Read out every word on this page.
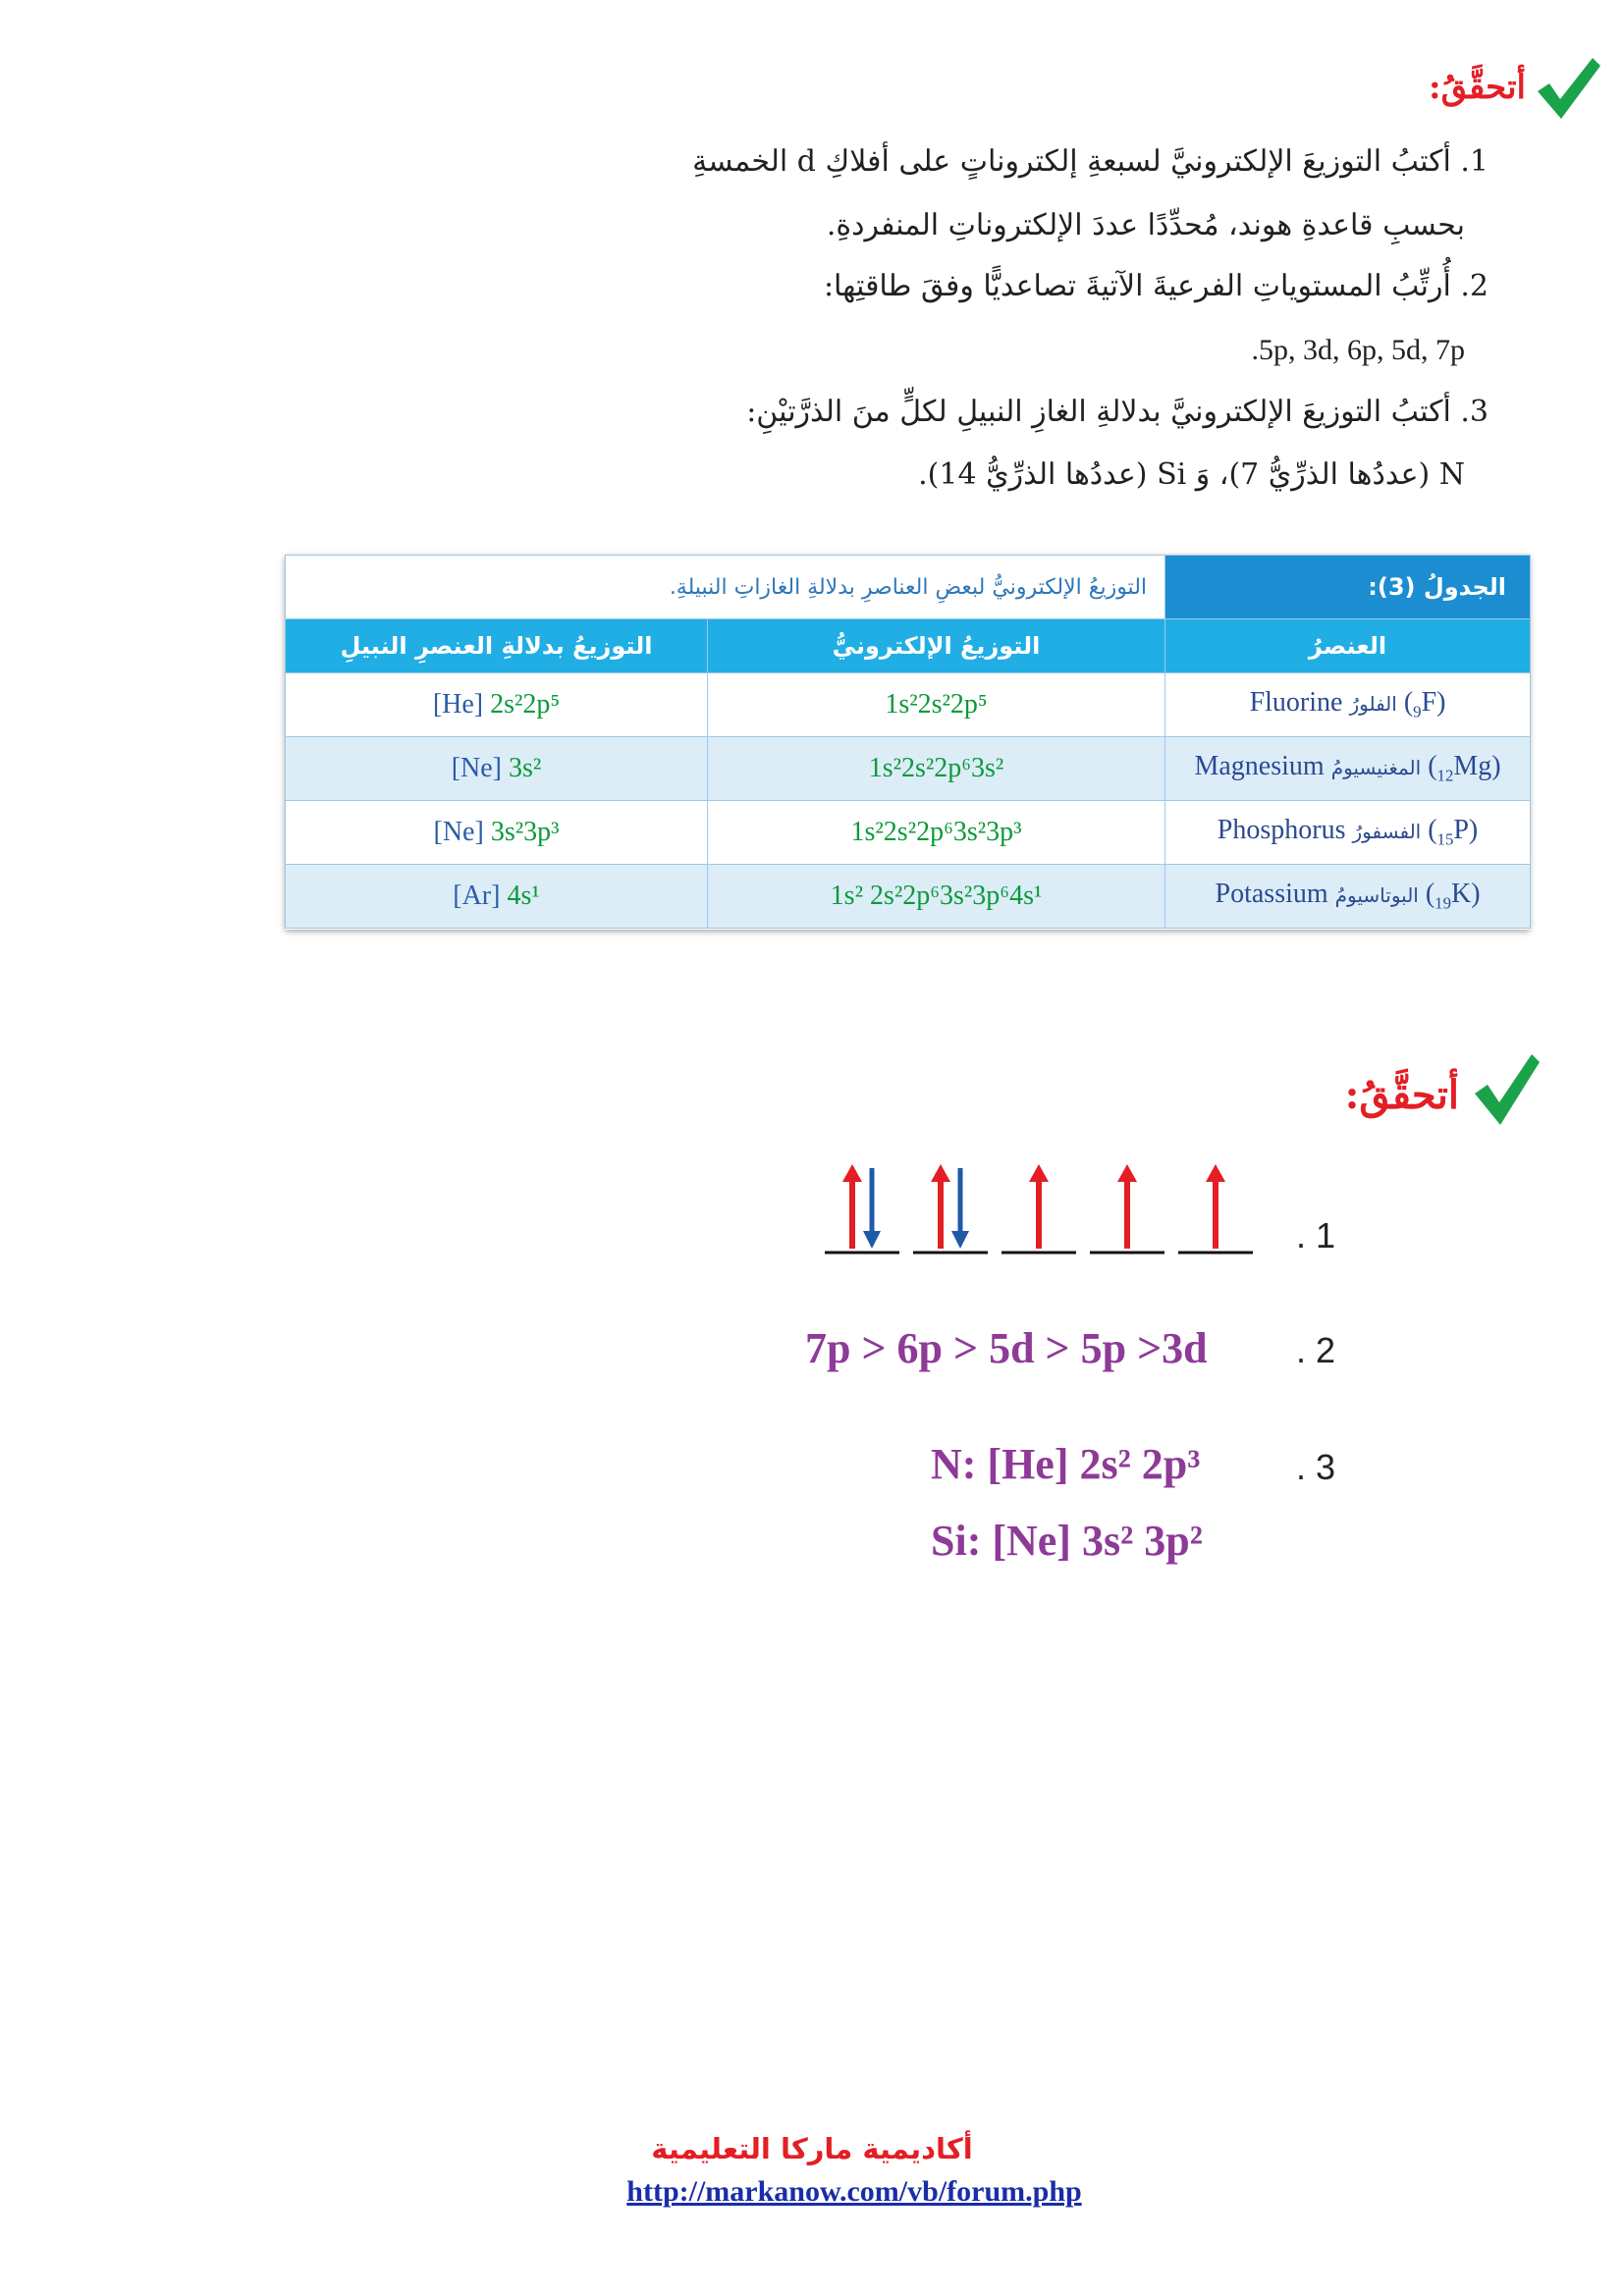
أتحقَّقُ:
1. أكتبُ التوزيعَ الإلكترونيَّ لسبعةِ إلكتروناتٍ على أفلاكِ d الخمسةِ
بحسبِ قاعدةِ هوند، مُحدِّدًا عددَ الإلكتروناتِ المنفردةِ.
2. أُرتِّبُ المستوياتِ الفرعيةَ الآتيةَ تصاعديًّا وفقَ طاقتِها:
.5p, 3d, 6p, 5d, 7p
3. أكتبُ التوزيعَ الإلكترونيَّ بدلالةِ الغازِ النبيلِ لكلٍّ منَ الذرَّتيْنِ:
N (عددُها الذرِّيُّ 7)، وَ Si (عددُها الذرِّيُّ 14).
الجدولُ (3):	التوزيعُ الإلكترونيُّ لبعضِ العناصرِ بدلالةِ الغازاتِ النبيلةِ.	
العنصرُ	التوزيعُ الإلكترونيُّ	التوزيعُ بدلالةِ العنصرِ النبيلِ
$(_9F)$ الفلورُ Fluorine	1s²2s²2p⁵	[He] 2s²2p⁵
$(_{12}Mg)$ المغنيسيومُ Magnesium	1s²2s²2p⁶3s²	[Ne] 3s²
$(_{15}P)$ الفسفورُ Phosphorus	1s²2s²2p⁶3s²3p³	[Ne] 3s²3p³
$(_{19}K)$ البوتاسيومُ Potassium	1s² 2s²2p⁶3s²3p⁶4s¹	[Ar] 4s¹
أتحقَّقُ:
. 1
7p > 6p > 5d > 5p >3d	. 2
N: [He] 2s² 2p³
Si: [Ne] 3s² 3p²
. 3
أكاديمية ماركا التعليمية
http://markanow.com/vb/forum.php
